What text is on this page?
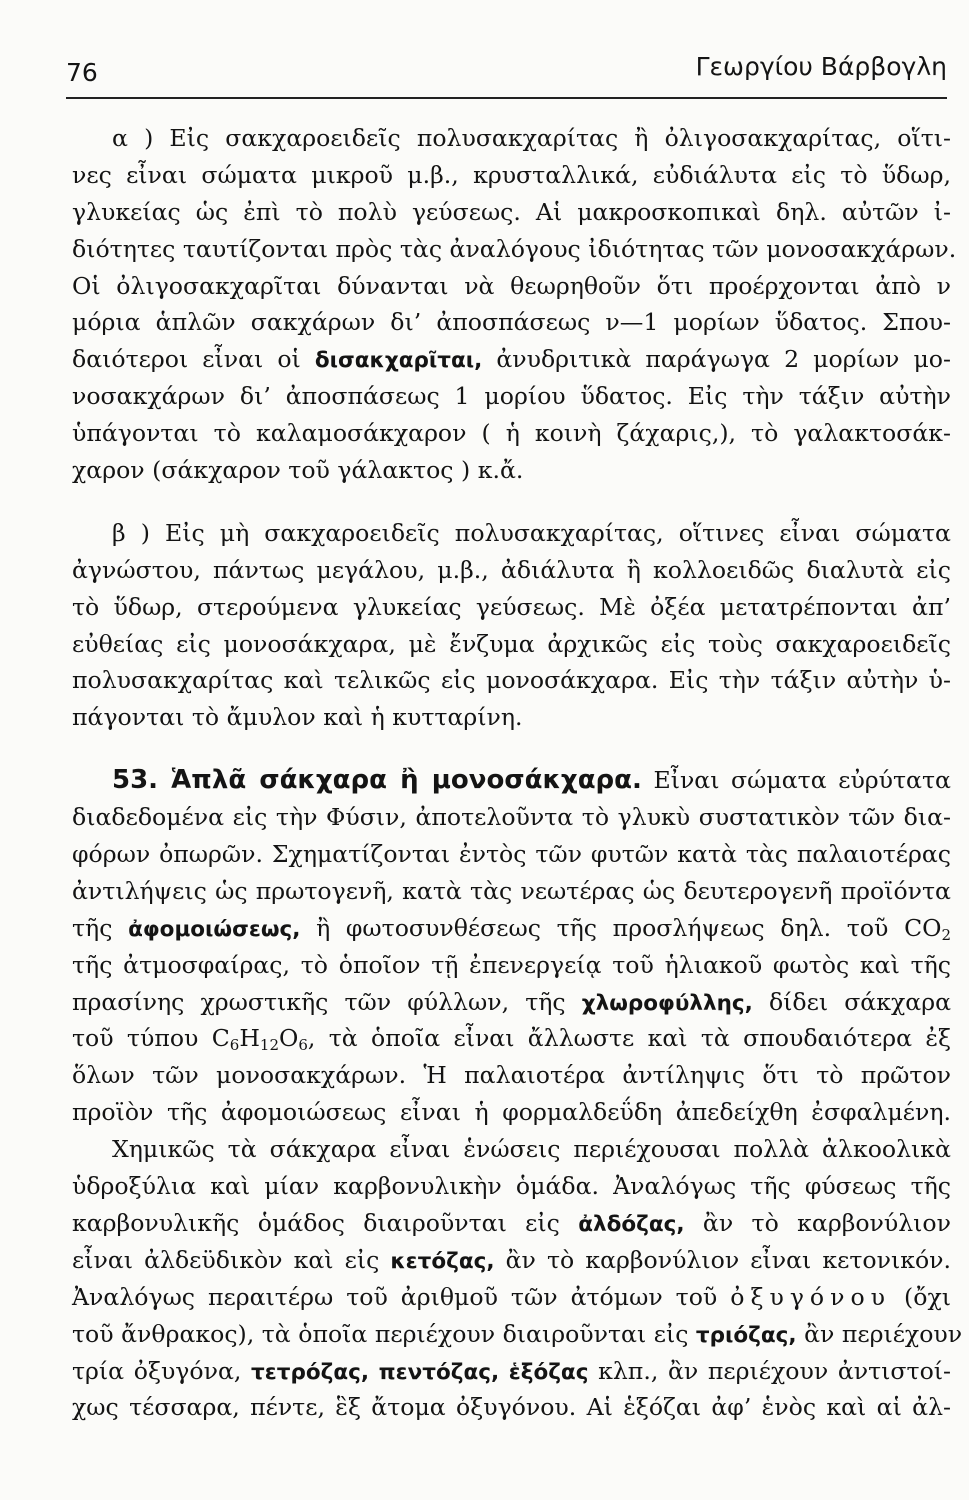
76	Γεωργίου Βάρβογλη
α ) Εἰς σακχαροειδεῖς πολυσακχαρίτας ἢ ὀλιγοσακχαρίτας, οἵτι-
νες εἶναι σώματα μικροῦ μ.β., κρυσταλλικά, εὐδιάλυτα εἰς τὸ ὕδωρ,
γλυκείας ὡς ἐπὶ τὸ πολὺ γεύσεως. Αἱ μακροσκοπικαὶ δηλ. αὐτῶν ἰ-
διότητες ταυτίζονται πρὸς τὰς ἀναλόγους ἰδιότητας τῶν μονοσακχάρων.
Οἱ ὀλιγοσακχαρῖται δύνανται νὰ θεωρηθοῦν ὅτι προέρχονται ἀπὸ ν
μόρια ἁπλῶν σακχάρων δι’ ἀποσπάσεως ν—1 μορίων ὕδατος. Σπου-
δαιότεροι εἶναι οἱ δισακχαρῖται, ἀνυδριτικὰ παράγωγα 2 μορίων μο-
νοσακχάρων δι’ ἀποσπάσεως 1 μορίου ὕδατος. Εἰς τὴν τάξιν αὐτὴν
ὑπάγονται τὸ καλαμοσάκχαρον ( ἡ κοινὴ ζάχαρις,), τὸ γαλακτοσάκ-
χαρον (σάκχαρον τοῦ γάλακτος ) κ.ἄ.
β ) Εἰς μὴ σακχαροειδεῖς πολυσακχαρίτας, οἵτινες εἶναι σώματα
ἀγνώστου, πάντως μεγάλου, μ.β., ἀδιάλυτα ἢ κολλοειδῶς διαλυτὰ εἰς
τὸ ὕδωρ, στερούμενα γλυκείας γεύσεως. Μὲ ὀξέα μετατρέπονται ἀπ’
εὐθείας εἰς μονοσάκχαρα, μὲ ἔνζυμα ἀρχικῶς εἰς τοὺς σακχαροειδεῖς
πολυσακχαρίτας καὶ τελικῶς εἰς μονοσάκχαρα. Εἰς τὴν τάξιν αὐτὴν ὑ-
πάγονται τὸ ἄμυλον καὶ ἡ κυτταρίνη.
53. Ἁπλᾶ σάκχαρα ἢ μονοσάκχαρα. Εἶναι σώματα εὐρύτατα
διαδεδομένα εἰς τὴν Φύσιν, ἀποτελοῦντα τὸ γλυκὺ συστατικὸν τῶν δια-
φόρων ὀπωρῶν. Σχηματίζονται ἐντὸς τῶν φυτῶν κατὰ τὰς παλαιοτέρας
ἀντιλήψεις ὡς πρωτογενῆ, κατὰ τὰς νεωτέρας ὡς δευτερογενῆ προϊόντα
τῆς ἀφομοιώσεως, ἢ φωτοσυνθέσεως τῆς προσλήψεως δηλ. τοῦ $CO_2$
τῆς ἀτμοσφαίρας, τὸ ὁποῖον τῇ ἐπενεργείᾳ τοῦ ἡλιακοῦ φωτὸς καὶ τῆς
πρασίνης χρωστικῆς τῶν φύλλων, τῆς χλωροφύλλης, δίδει σάκχαρα
τοῦ τύπου $C_6H_{12}O_6$, τὰ ὁποῖα εἶναι ἄλλωστε καὶ τὰ σπουδαιότερα ἐξ
ὅλων τῶν μονοσακχάρων. Ἡ παλαιοτέρα ἀντίληψις ὅτι τὸ πρῶτον
προϊὸν τῆς ἀφομοιώσεως εἶναι ἡ φορμαλδεΰδη ἀπεδείχθη ἐσφαλμένη.
Χημικῶς τὰ σάκχαρα εἶναι ἑνώσεις περιέχουσαι πολλὰ ἀλκοολικὰ
ὑδροξύλια καὶ μίαν καρβονυλικὴν ὁμάδα. Ἀναλόγως τῆς φύσεως τῆς
καρβονυλικῆς ὁμάδος διαιροῦνται εἰς ἀλδόζας, ἂν τὸ καρβονύλιον
εἶναι ἀλδεϋδικὸν καὶ εἰς κετόζας, ἂν τὸ καρβονύλιον εἶναι κετονικόν.
Ἀναλόγως περαιτέρω τοῦ ἀριθμοῦ τῶν ἀτόμων τοῦ ὀξυγόνου (ὄχι
τοῦ ἄνθρακος), τὰ ὁποῖα περιέχουν διαιροῦνται εἰς τριόζας, ἂν περιέχουν
τρία ὀξυγόνα, τετρόζας, πεντόζας, ἑξόζας κλπ., ἂν περιέχουν ἀντιστοί-
χως τέσσαρα, πέντε, ἓξ ἄτομα ὀξυγόνου. Αἱ ἑξόζαι ἀφ’ ἑνὸς καὶ αἱ ἀλ-
